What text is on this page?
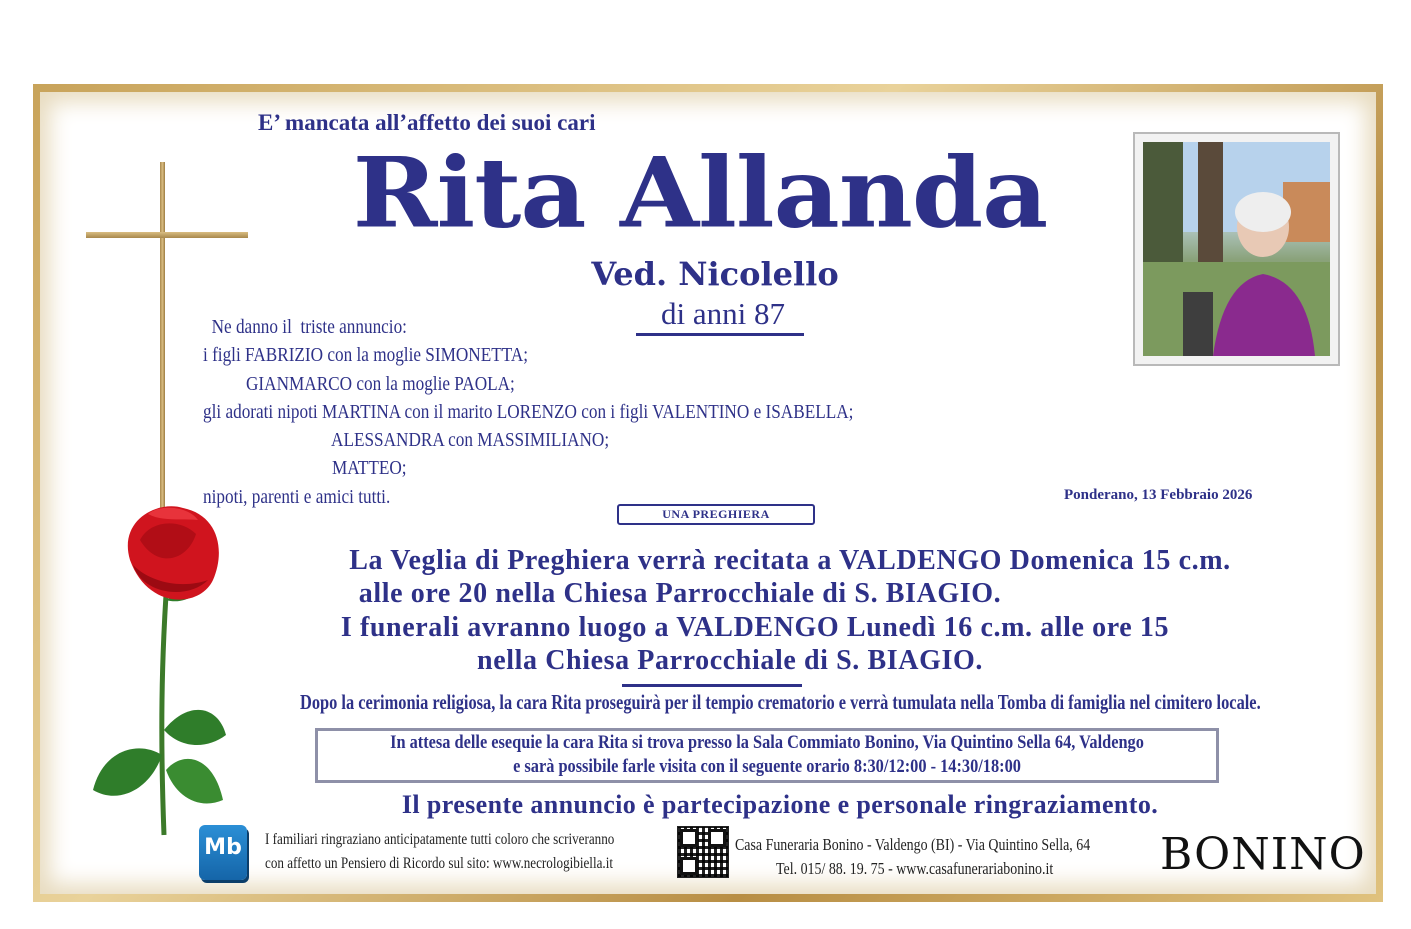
E’ mancata all’affetto dei suoi cari
Rita Allanda
Ved. Nicolello
di anni 87
Ne danno il  triste annuncio:
i figli FABRIZIO con la moglie SIMONETTA;
GIANMARCO con la moglie PAOLA;
gli adorati nipoti MARTINA con il marito LORENZO con i figli VALENTINO e ISABELLA;
ALESSANDRA con MASSIMILIANO;
MATTEO;
nipoti, parenti e amici tutti.	Ponderano, 13 Febbraio 2026
UNA PREGHIERA
La Veglia di Preghiera verrà recitata a VALDENGO Domenica 15 c.m.
alle ore 20 nella Chiesa Parrocchiale di S. BIAGIO.
I funerali avranno luogo a VALDENGO Lunedì 16 c.m. alle ore 15
nella Chiesa Parrocchiale di S. BIAGIO.
Dopo la cerimonia religiosa, la cara Rita proseguirà per il tempio crematorio e verrà tumulata nella Tomba di famiglia nel cimitero locale.
In attesa delle esequie la cara Rita si trova presso la Sala Commiato Bonino, Via Quintino Sella 64, Valdengo
e sarà possibile farle visita con il seguente orario 8:30/12:00 - 14:30/18:00
Il presente annuncio è partecipazione e personale ringraziamento.
Mb	I familiari ringraziano anticipatamente tutti coloro che scriveranno
con affetto un Pensiero di Ricordo sul sito: www.necrologibiella.it
Casa Funeraria Bonino - Valdengo (BI) - Via Quintino Sella, 64
Tel. 015/ 88. 19. 75 - www.casafunerariabonino.it	BONINO
